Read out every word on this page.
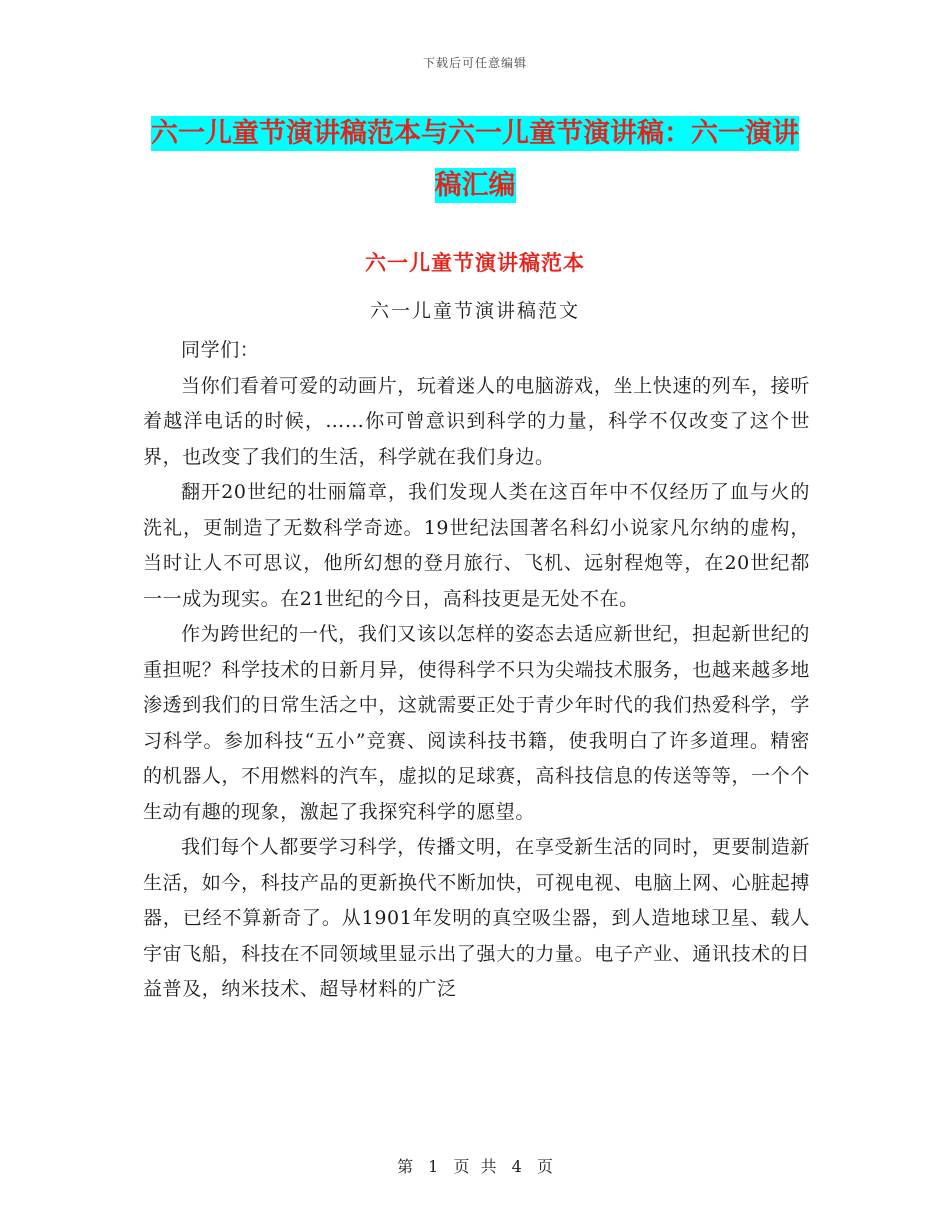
下载后可任意编辑
六一儿童节演讲稿范本与六一儿童节演讲稿：六一演讲稿汇编
六一儿童节演讲稿范本
六一儿童节演讲稿范文

同学们：

当你们看着可爱的动画片，玩着迷人的电脑游戏，坐上快速的列车，接听着越洋电话的时候，……你可曾意识到科学的力量，科学不仅改变了这个世界，也改变了我们的生活，科学就在我们身边。

翻开20世纪的壮丽篇章，我们发现人类在这百年中不仅经历了血与火的洗礼，更制造了无数科学奇迹。19世纪法国著名科幻小说家凡尔纳的虚构，当时让人不可思议，他所幻想的登月旅行、飞机、远射程炮等，在20世纪都一一成为现实。在21世纪的今日，高科技更是无处不在。

作为跨世纪的一代，我们又该以怎样的姿态去适应新世纪，担起新世纪的重担呢？科学技术的日新月异，使得科学不只为尖端技术服务，也越来越多地渗透到我们的日常生活之中，这就需要正处于青少年时代的我们热爱科学，学习科学。参加科技“五小”竞赛、阅读科技书籍，使我明白了许多道理。精密的机器人，不用燃料的汽车，虚拟的足球赛，高科技信息的传送等等，一个个生动有趣的现象，激起了我探究科学的愿望。

我们每个人都要学习科学，传播文明，在享受新生活的同时，更要制造新生活，如今，科技产品的更新换代不断加快，可视电视、电脑上网、心脏起搏器，已经不算新奇了。从1901年发明的真空吸尘器，到人造地球卫星、载人宇宙飞船，科技在不同领域里显示出了强大的力量。电子产业、通讯技术的日益普及，纳米技术、超导材料的广泛

第 1 页 共 4 页
